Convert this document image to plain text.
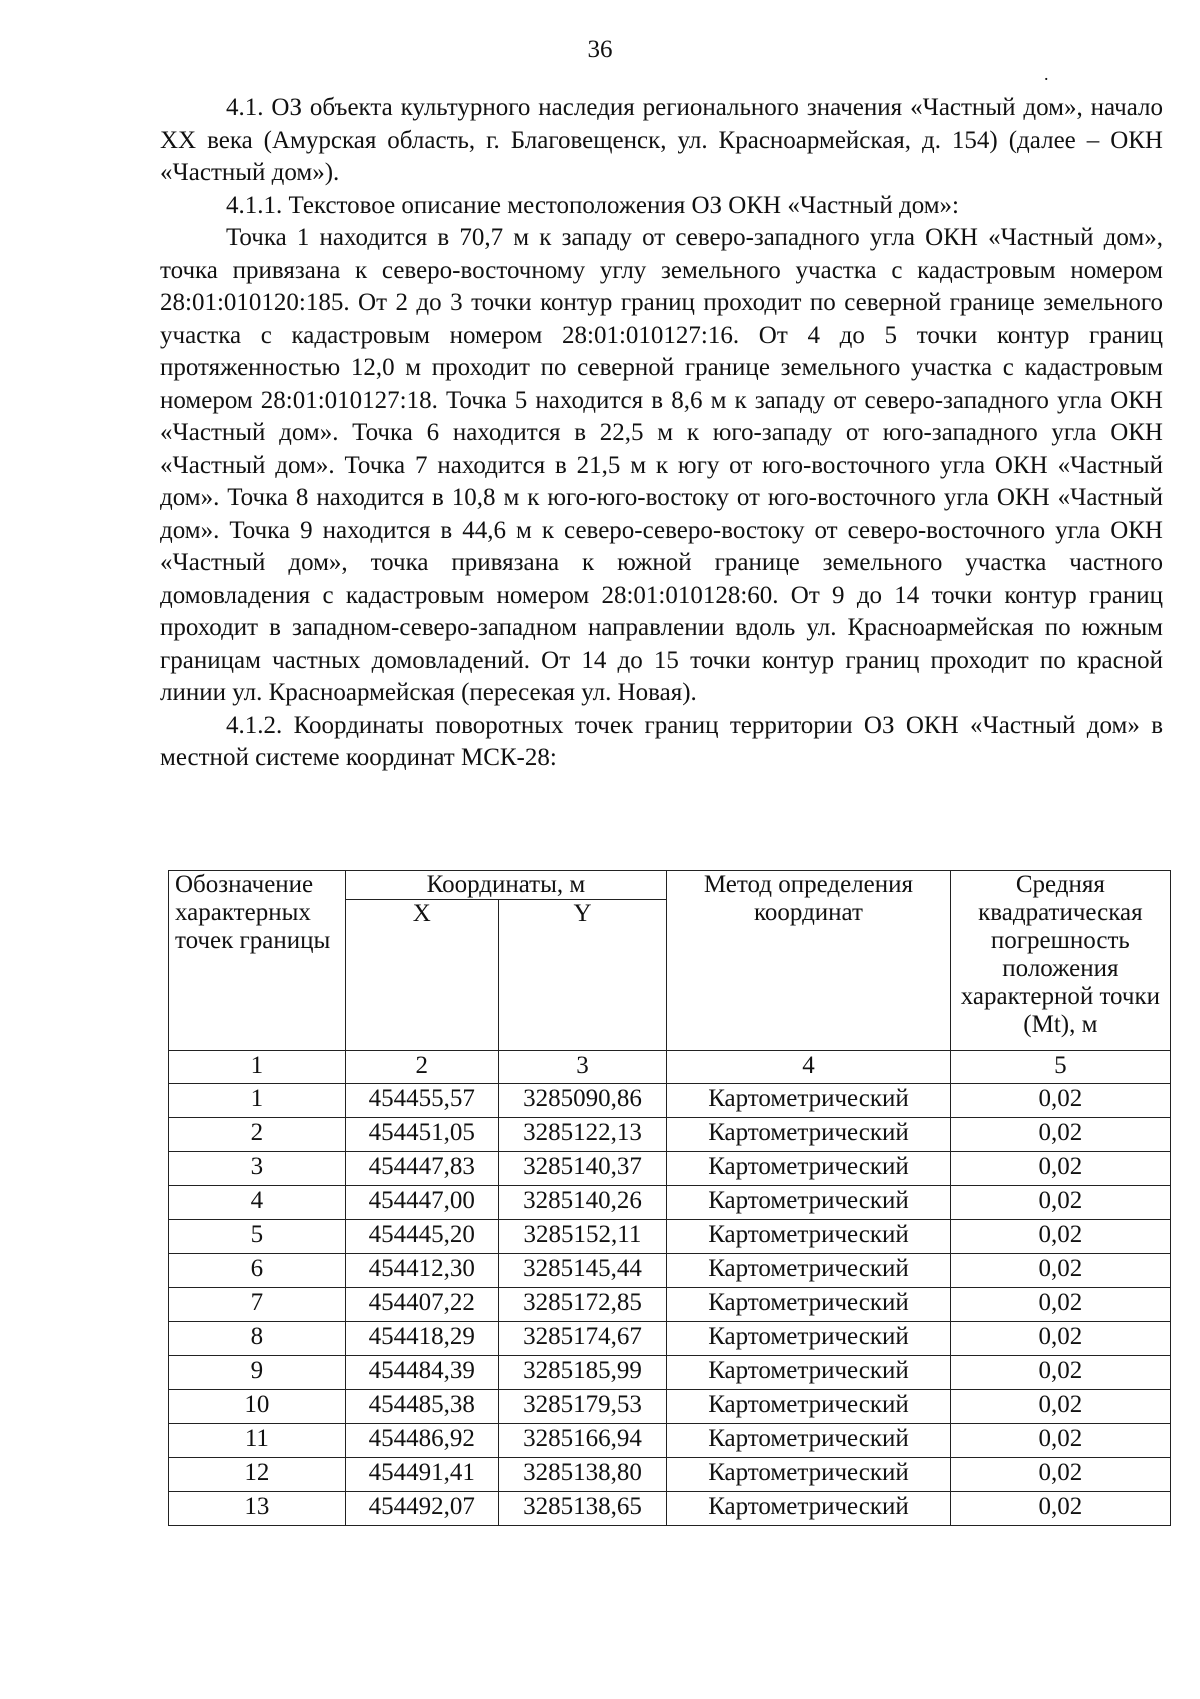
36
.

4.1. ОЗ объекта культурного наследия регионального значения «Частный дом», начало XX века (Амурская область, г. Благовещенск, ул. Красноармейская, д. 154) (далее – ОКН «Частный дом»).

4.1.1. Текстовое описание местоположения ОЗ ОКН «Частный дом»:

Точка 1 находится в 70,7 м к западу от северо-западного угла ОКН «Частный дом», точка привязана к северо-восточному углу земельного участка с кадастровым номером 28:01:010120:185. От 2 до 3 точки контур границ проходит по северной границе земельного участка с кадастровым номером 28:01:010127:16. От 4 до 5 точки контур границ протяженностью 12,0 м проходит по северной границе земельного участка с кадастровым номером 28:01:010127:18. Точка 5 находится в 8,6 м к западу от северо-западного угла ОКН «Частный дом». Точка 6 находится в 22,5 м к юго-западу от юго-западного угла ОКН «Частный дом». Точка 7 находится в 21,5 м к югу от юго-восточного угла ОКН «Частный дом». Точка 8 находится в 10,8 м к юго-юго-востоку от юго-восточного угла ОКН «Частный дом». Точка 9 находится в 44,6 м к северо-северо-востоку от северо-восточного угла ОКН «Частный дом», точка привязана к южной границе земельного участка частного домовладения с кадастровым номером 28:01:010128:60. От 9 до 14 точки контур границ проходит в западном-северо-западном направлении вдоль ул. Красноармейская по южным границам частных домовладений. От 14 до 15 точки контур границ проходит по красной линии ул. Красноармейская (пересекая ул. Новая).

4.1.2. Координаты поворотных точек границ территории ОЗ ОКН «Частный дом» в местной системе координат МСК-28:

Обозначение характерных точек границы	Координаты, м		Метод определения координат	Средняя квадратическая погрешность положения характерной точки (Mt), м
	X	Y		
1	2	3	4	5
1	454455,57	3285090,86	Картометрический	0,02
2	454451,05	3285122,13	Картометрический	0,02
3	454447,83	3285140,37	Картометрический	0,02
4	454447,00	3285140,26	Картометрический	0,02
5	454445,20	3285152,11	Картометрический	0,02
6	454412,30	3285145,44	Картометрический	0,02
7	454407,22	3285172,85	Картометрический	0,02
8	454418,29	3285174,67	Картометрический	0,02
9	454484,39	3285185,99	Картометрический	0,02
10	454485,38	3285179,53	Картометрический	0,02
11	454486,92	3285166,94	Картометрический	0,02
12	454491,41	3285138,80	Картометрический	0,02
13	454492,07	3285138,65	Картометрический	0,02
